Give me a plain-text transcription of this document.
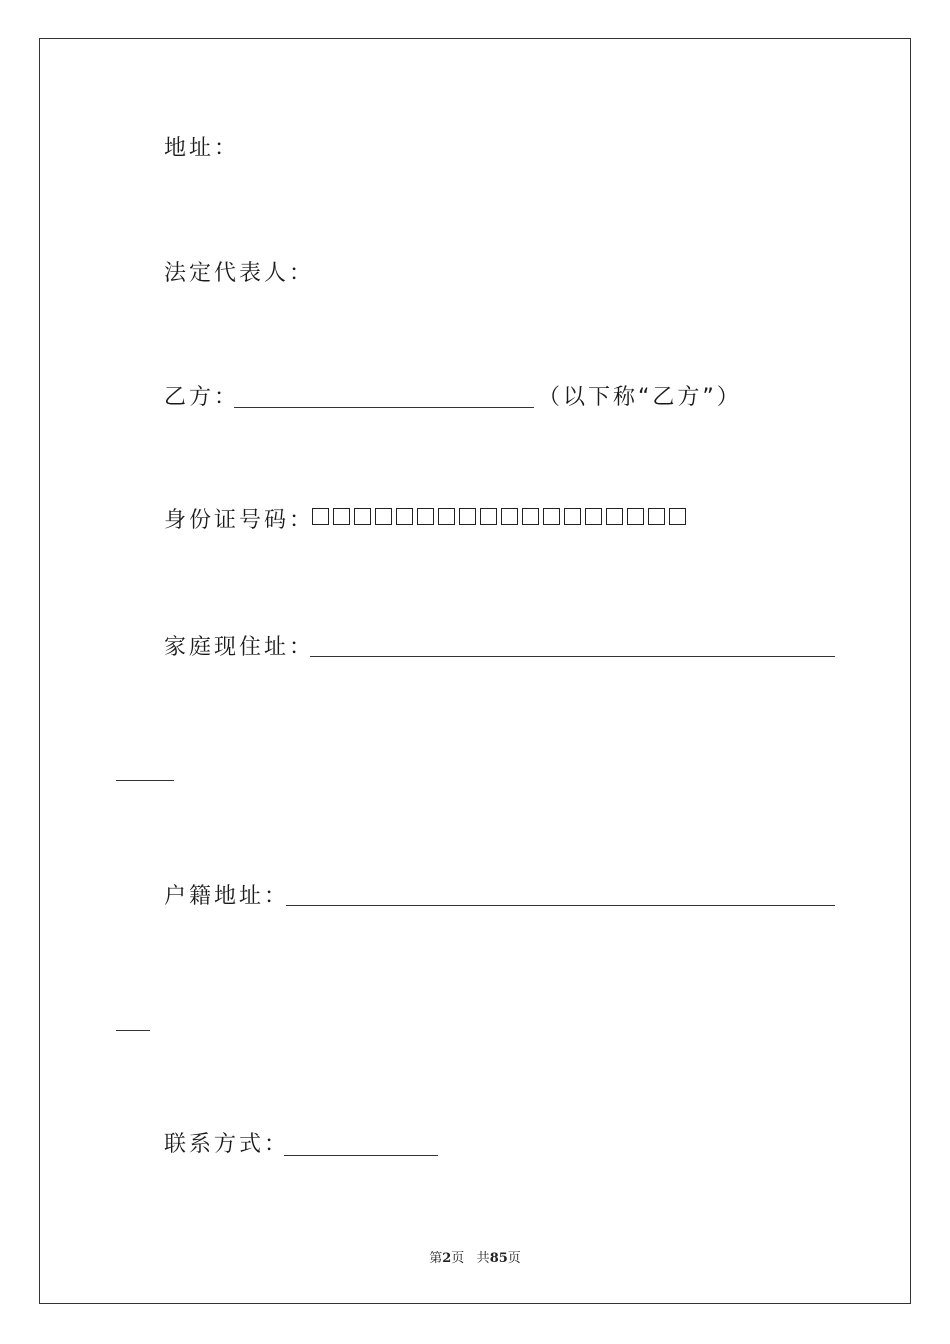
地址：
法定代表人：
乙方：	（以下称“乙方”）
身份证号码：
家庭现住址：
户籍地址：
联系方式：
第2页 共85页
